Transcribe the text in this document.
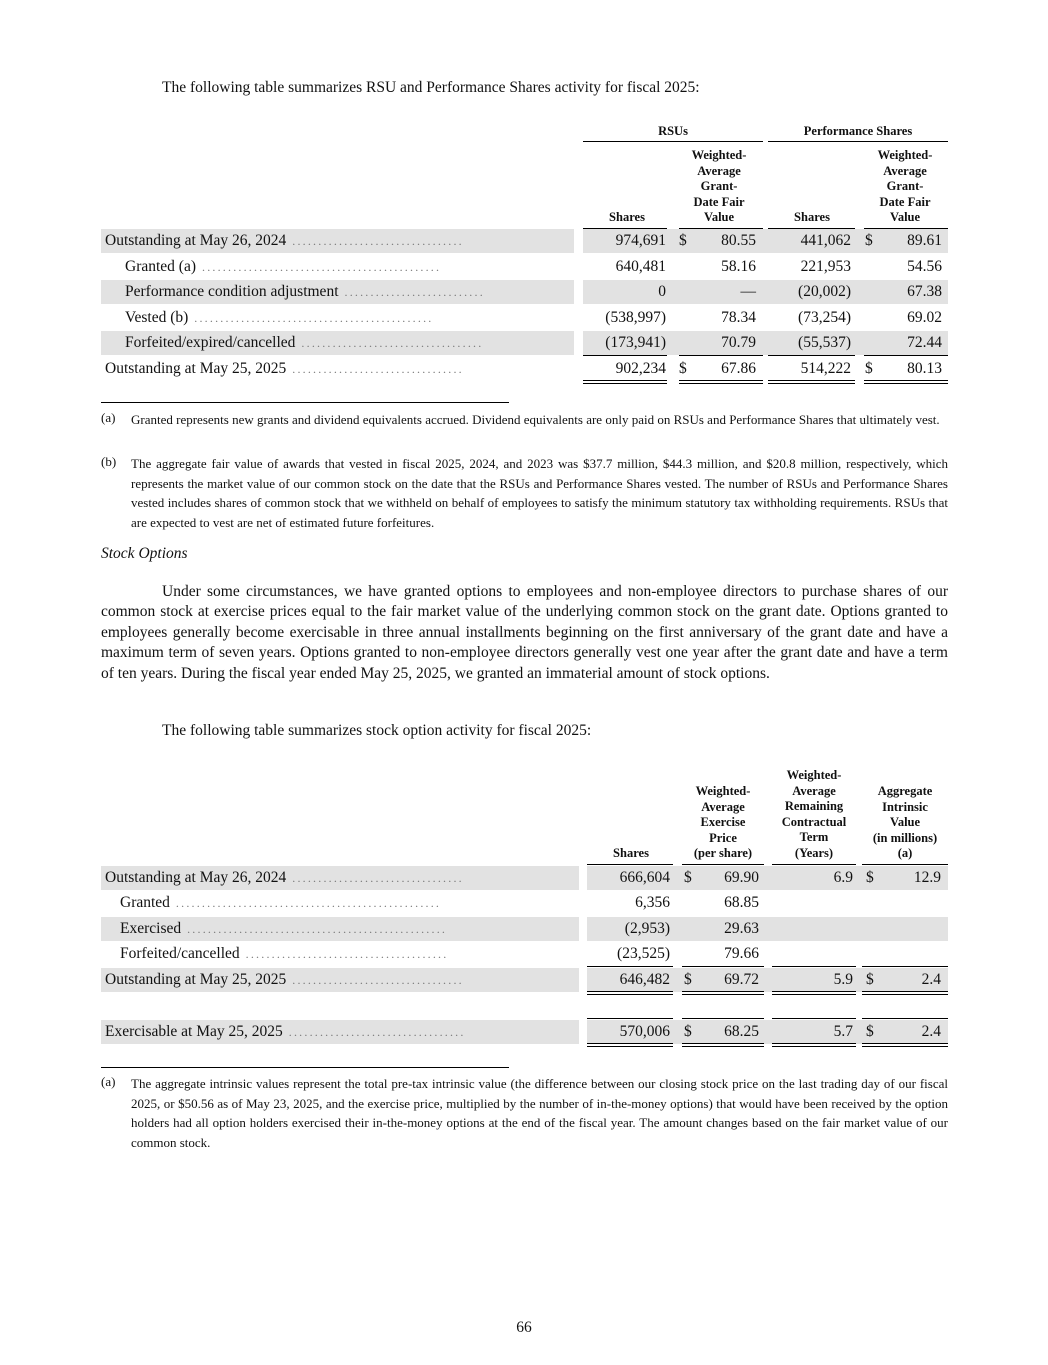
The following table summarizes RSU and Performance Shares activity for fiscal 2025:
RSUs	Performance Shares
Shares
Weighted-
Average
Grant-
Date Fair
Value	Shares
Weighted-
Average
Grant-
Date Fair
Value
Outstanding at May 26, 2024 .................................	974,691 $	80.55	441,062 $	89.61
Granted (a) ..............................................	640,481	58.16	221,953	54.56
Performance condition adjustment ...........................	0	—	(20,002)	67.38
Vested (b) ..............................................	(538,997)	78.34	(73,254)	69.02
Forfeited/expired/cancelled ...................................	(173,941)	70.79	(55,537)	72.44
Outstanding at May 25, 2025 .................................	902,234 $	67.86	514,222 $	80.13
(a) Granted represents new grants and dividend equivalents accrued. Dividend equivalents are only paid on RSUs and Performance Shares that ultimately vest.
(b) The aggregate fair value of awards that vested in fiscal 2025, 2024, and 2023 was $37.7 million, $44.3 million, and $20.8 million, respectively, which represents the market value of our common stock on the date that the RSUs and Performance Shares vested. The number of RSUs and Performance Shares vested includes shares of common stock that we withheld on behalf of employees to satisfy the minimum statutory tax withholding requirements. RSUs that are expected to vest are net of estimated future forfeitures.
Stock Options
Under some circumstances, we have granted options to employees and non-employee directors to purchase shares of our common stock at exercise prices equal to the fair market value of the underlying common stock on the grant date. Options granted to employees generally become exercisable in three annual installments beginning on the first anniversary of the grant date and have a maximum term of seven years. Options granted to non-employee directors generally vest one year after the grant date and have a term of ten years. During the fiscal year ended May 25, 2025, we granted an immaterial amount of stock options.
The following table summarizes stock option activity for fiscal 2025:
Shares
Weighted-
Average
Exercise
Price
(per share)
Weighted-
Average
Remaining
Contractual
Term
(Years)
Aggregate
Intrinsic
Value
(in millions)
(a)
Outstanding at May 26, 2024 .................................	666,604 $	69.90	6.9 $	12.9
Granted ...................................................	6,356	68.85
Exercised ..................................................	(2,953)	29.63
Forfeited/cancelled .......................................	(23,525)	79.66
Outstanding at May 25, 2025 .................................	646,482 $	69.72	5.9 $	2.4
Exercisable at May 25, 2025 ..................................	570,006 $	68.25	5.7 $	2.4
(a) The aggregate intrinsic values represent the total pre-tax intrinsic value (the difference between our closing stock price on the last trading day of our fiscal 2025, or $50.56 as of May 23, 2025, and the exercise price, multiplied by the number of in-the-money options) that would have been received by the option holders had all option holders exercised their in-the-money options at the end of the fiscal year. The amount changes based on the fair market value of our common stock.
66
